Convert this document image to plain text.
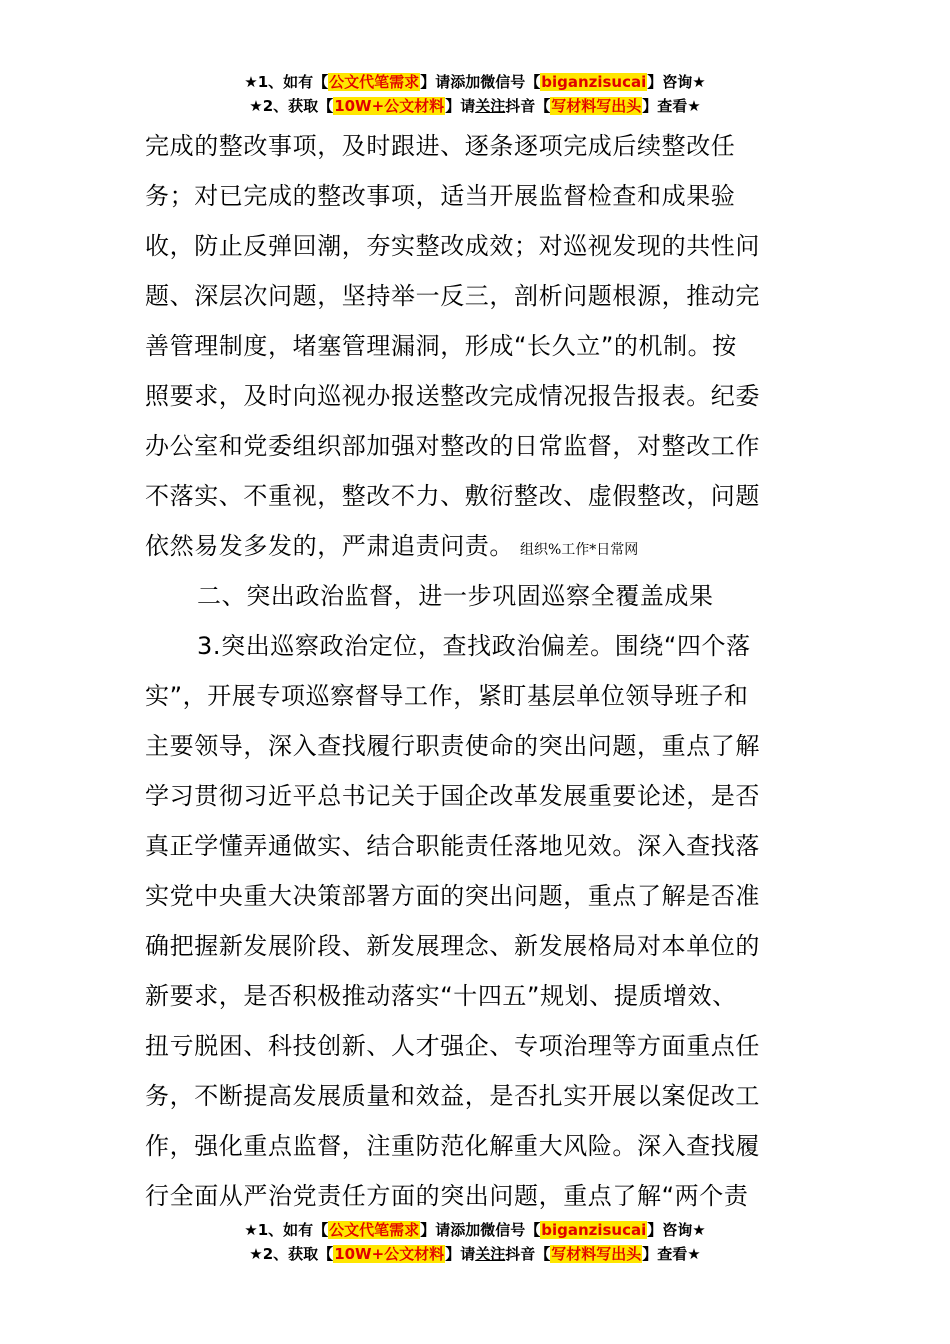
★1、如有【公文代笔需求】请添加微信号【biganzisucai】咨询★
★2、获取【10W+公文材料】请关注抖音【写材料写出头】查看★
完成的整改事项，及时跟进、逐条逐项完成后续整改任
务；对已完成的整改事项，适当开展监督检查和成果验
收，防止反弹回潮，夯实整改成效；对巡视发现的共性问
题、深层次问题，坚持举一反三，剖析问题根源，推动完
善管理制度，堵塞管理漏洞，形成“长久立”的机制。按
照要求，及时向巡视办报送整改完成情况报告报表。纪委
办公室和党委组织部加强对整改的日常监督，对整改工作
不落实、不重视，整改不力、敷衍整改、虚假整改，问题
依然易发多发的，严肃追责问责。 组织%工作*日常网
二、突出政治监督，进一步巩固巡察全覆盖成果
3.突出巡察政治定位，查找政治偏差。围绕“四个落
实”，开展专项巡察督导工作，紧盯基层单位领导班子和
主要领导，深入查找履行职责使命的突出问题，重点了解
学习贯彻习近平总书记关于国企改革发展重要论述，是否
真正学懂弄通做实、结合职能责任落地见效。深入查找落
实党中央重大决策部署方面的突出问题，重点了解是否准
确把握新发展阶段、新发展理念、新发展格局对本单位的
新要求，是否积极推动落实“十四五”规划、提质增效、
扭亏脱困、科技创新、人才强企、专项治理等方面重点任
务，不断提高发展质量和效益，是否扎实开展以案促改工
作，强化重点监督，注重防范化解重大风险。深入查找履
行全面从严治党责任方面的突出问题，重点了解“两个责
★1、如有【公文代笔需求】请添加微信号【biganzisucai】咨询★
★2、获取【10W+公文材料】请关注抖音【写材料写出头】查看★
